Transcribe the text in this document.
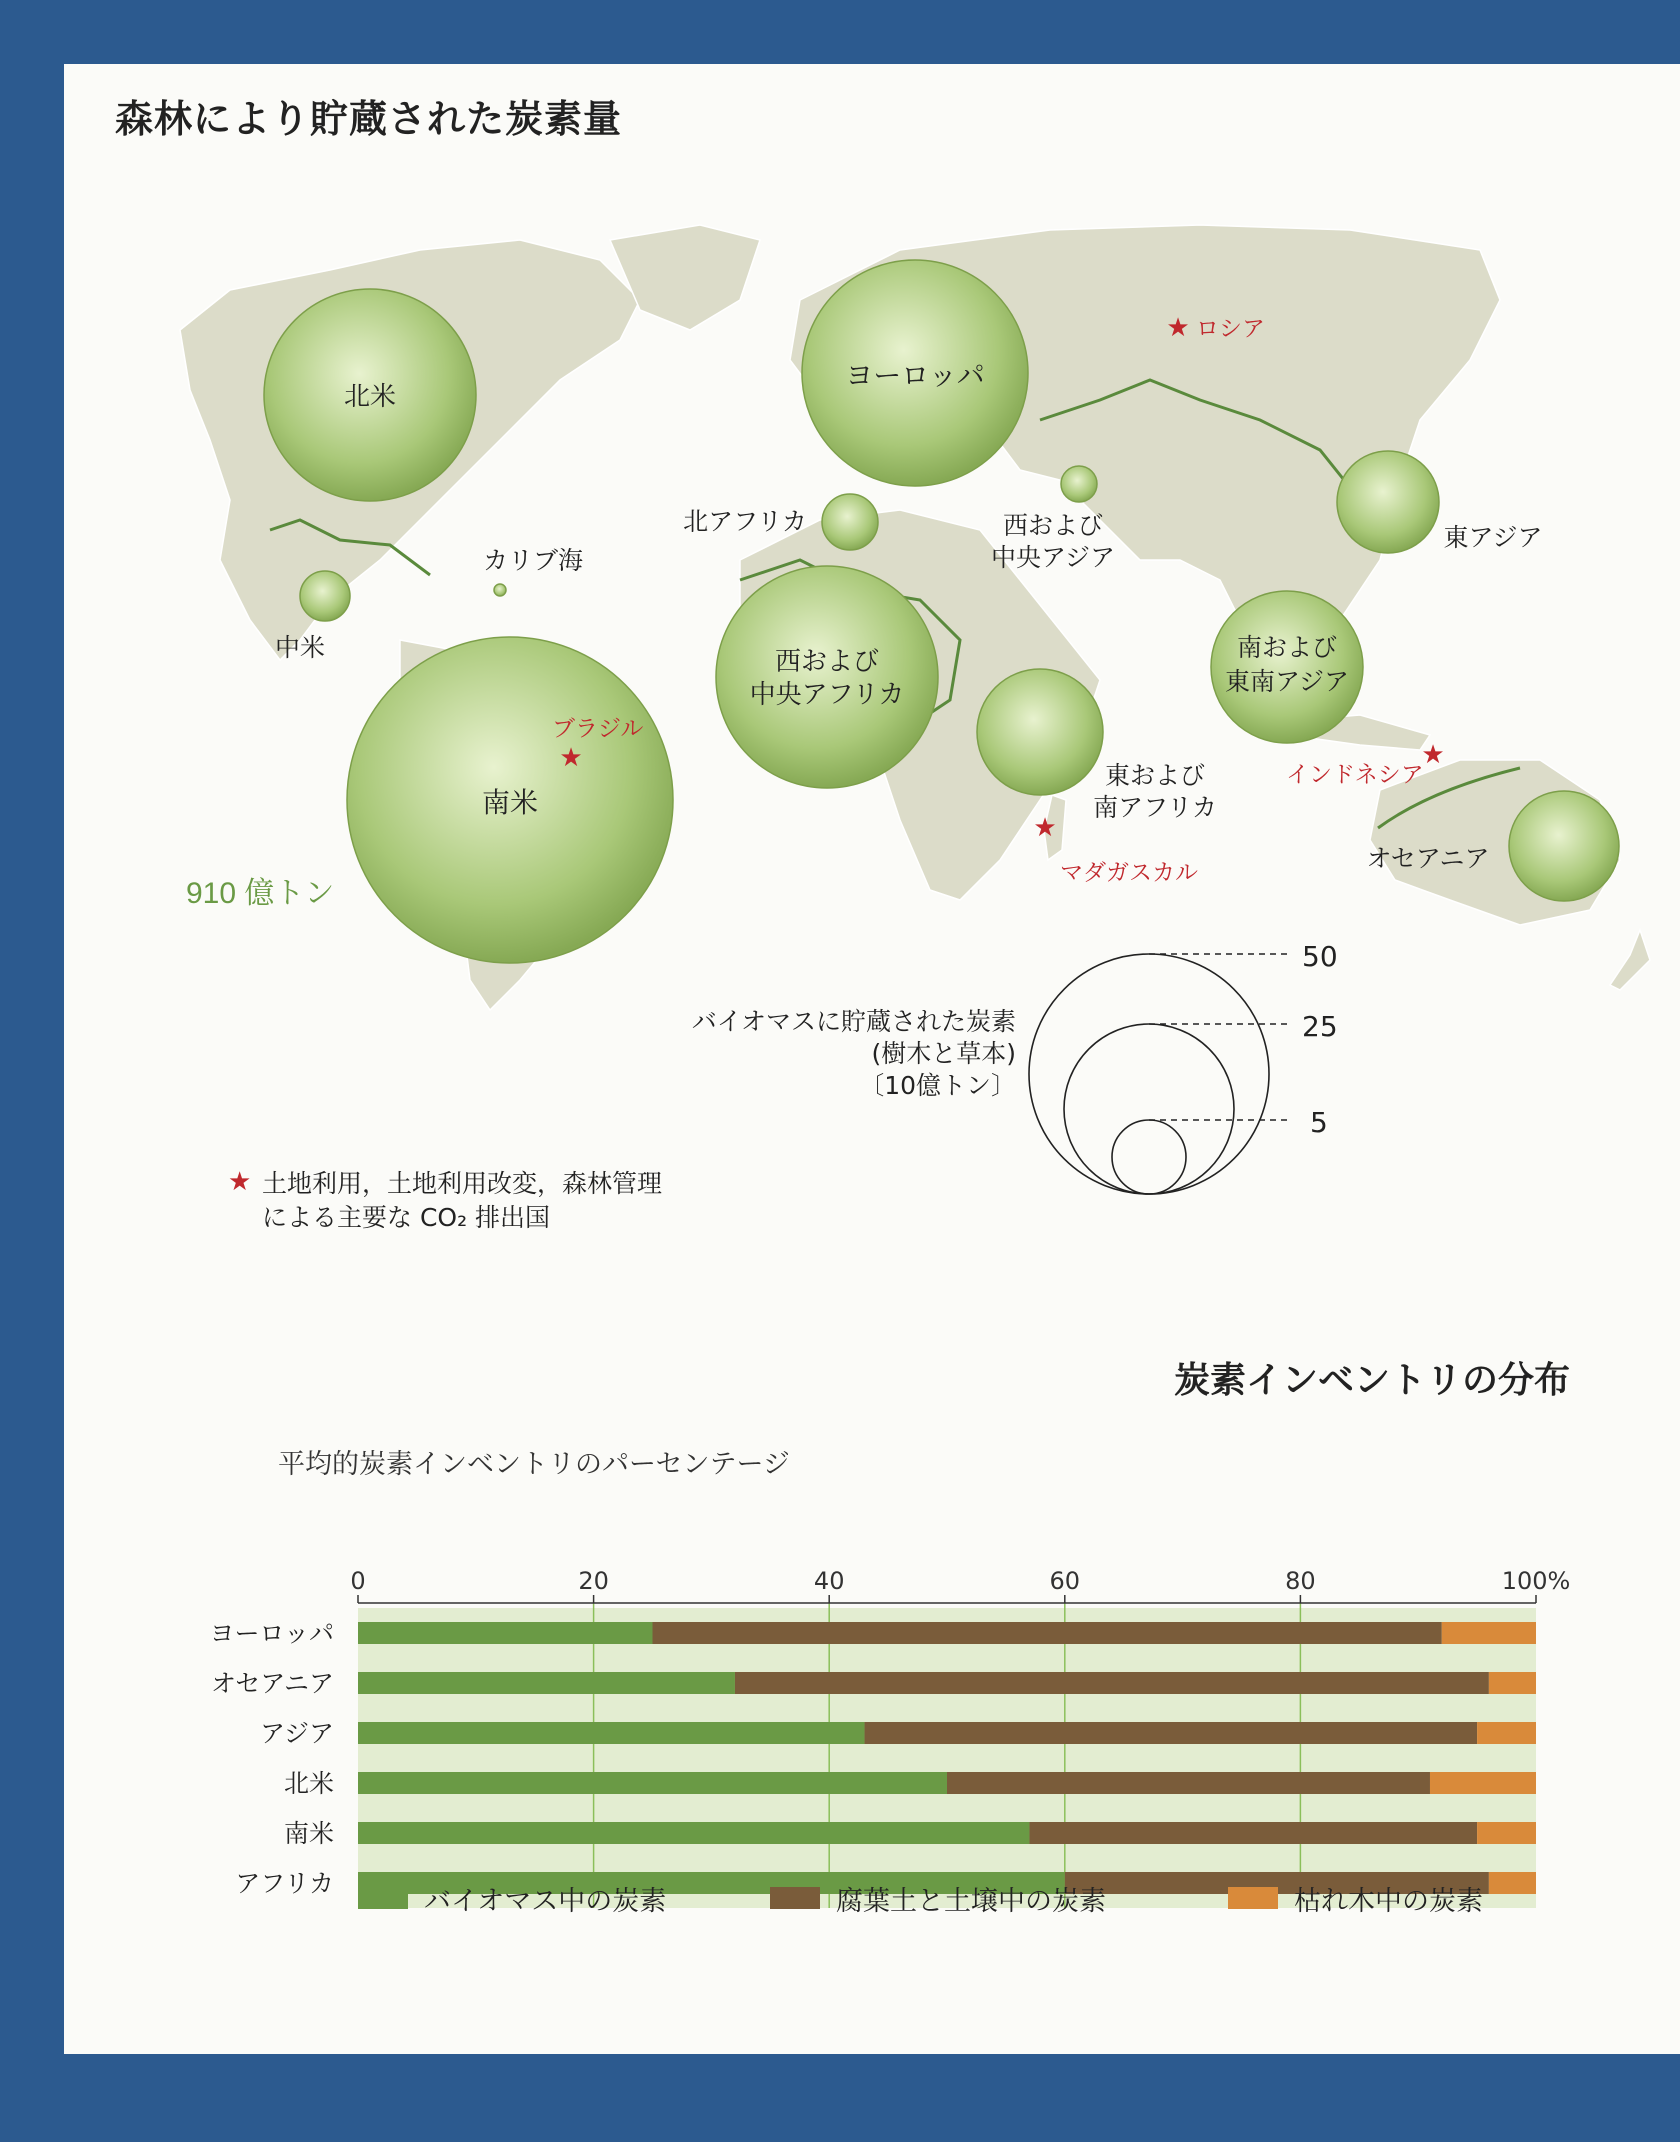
森林により貯蔵された炭素量
★ ロシア
★
ブラジル
★
マダガスカル
★
インドネシア
北米
ヨーロッパ
東アジア
西および
中央アジア
北アフリカ
カリブ海
中米
南米
西および
中央アフリカ
東および
南アフリカ
南および
東南アジア
オセアニア
910 億トン
50
25
5
バイオマスに貯蔵された炭素
(樹木と草本)
〔10億トン〕
★ 土地利用，土地利用改変，森林管理
による主要な CO₂ 排出国
炭素インベントリの分布
平均的炭素インベントリのパーセンテージ
0	20	40	60	80	100%
ヨーロッパ
オセアニア
アジア
北米
南米
アフリカ
バイオマス中の炭素	腐葉土と土壌中の炭素	枯れ木中の炭素
